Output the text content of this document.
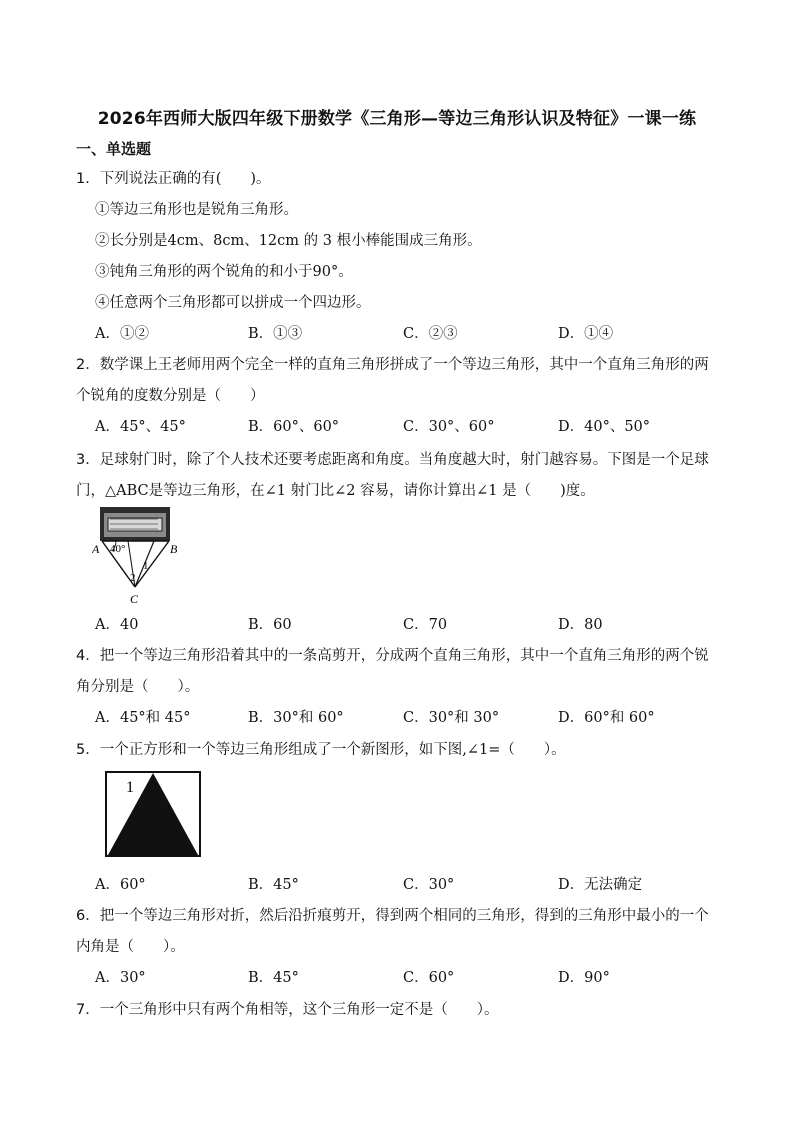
2026年西师大版四年级下册数学《三角形—等边三角形认识及特征》一课一练
一、单选题
1．下列说法正确的有(　　)。
①等边三角形也是锐角三角形。
②长分别是4cm、8cm、12cm 的 3 根小棒能围成三角形。
③钝角三角形的两个锐角的和小于90°。
④任意两个三角形都可以拼成一个四边形。
A．①②	B．①③	C．②③	D．①④
2．数学课上王老师用两个完全一样的直角三角形拼成了一个等边三角形，其中一个直角三角形的两
个锐角的度数分别是（　　）
A．45°、45°	B．60°、60°	C．30°、60°	D．40°、50°
3．足球射门时，除了个人技术还要考虑距离和角度。当角度越大时，射门越容易。下图是一个足球
门，△ABC是等边三角形，在∠1 射门比∠2 容易，请你计算出∠1 是（　　)度。
A	B
C
40°
1
2
A．40	B．60	C．70	D．80
4．把一个等边三角形沿着其中的一条高剪开，分成两个直角三角形，其中一个直角三角形的两个锐
角分别是（　　）。
A．45°和 45°	B．30°和 60°	C．30°和 30°	D．60°和 60°
5．一个正方形和一个等边三角形组成了一个新图形，如下图,∠1=（　　）。
1
A．60°	B．45°	C．30°	D．无法确定
6．把一个等边三角形对折，然后沿折痕剪开，得到两个相同的三角形，得到的三角形中最小的一个
内角是（　　）。
A．30°	B．45°	C．60°	D．90°
7．一个三角形中只有两个角相等，这个三角形一定不是（　　）。
